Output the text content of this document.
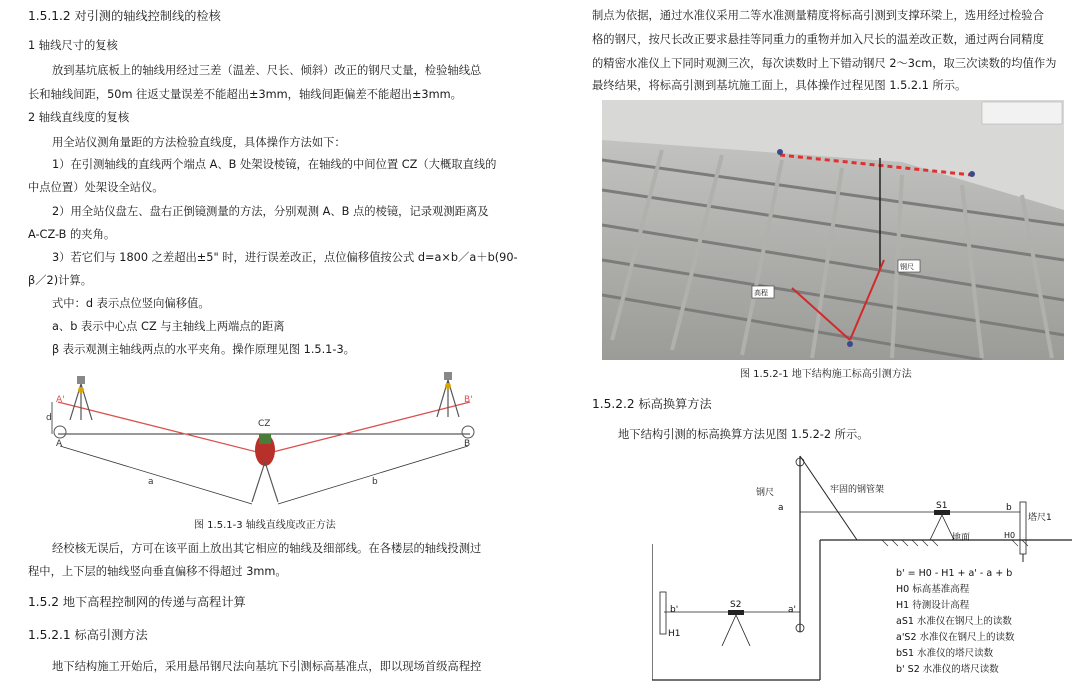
1.5.1.2 对引测的轴线控制线的检核
1 轴线尺寸的复核
放到基坑底板上的轴线用经过三差（温差、尺长、倾斜）改正的钢尺丈量，检验轴线总
长和轴线间距，50m 往返丈量误差不能超出±3mm，轴线间距偏差不能超出±3mm。
2 轴线直线度的复核
用全站仪测角量距的方法检验直线度，具体操作方法如下：
1）在引测轴线的直线两个端点 A、B 处架设棱镜，在轴线的中间位置 CZ（大概取直线的
中点位置）处架设全站仪。
2）用全站仪盘左、盘右正倒镜测量的方法，分别观测 A、B 点的棱镜，记录观测距离及
A-CZ-B 的夹角。
3）若它们与 1800 之差超出±5" 时，进行误差改正，点位偏移值按公式 d=a×b／a＋b(90-
β／2)计算。
式中：d 表示点位竖向偏移值。
a、b 表示中心点 CZ 与主轴线上两端点的距离
β 表示观测主轴线两点的水平夹角。操作原理见图 1.5.1-3。
d
A'
A
B'
B
CZ
a	b
图 1.5.1-3 轴线直线度改正方法
经校核无误后，方可在该平面上放出其它相应的轴线及细部线。在各楼层的轴线投测过
程中，上下层的轴线竖向垂直偏移不得超过 3mm。
1.5.2 地下高程控制网的传递与高程计算
1.5.2.1 标高引测方法
地下结构施工开始后，采用悬吊钢尺法向基坑下引测标高基准点，即以现场首级高程控
制点为依据，通过水准仪采用二等水准测量精度将标高引测到支撑环梁上，选用经过检验合
格的钢尺，按尺长改正要求悬挂等同重力的重物并加入尺长的温差改正数，通过两台同精度
的精密水准仪上下同时观测三次，每次读数时上下错动钢尺 2～3cm，取三次读数的均值作为
最终结果，将标高引测到基坑施工面上，具体操作过程见图 1.5.2.1 所示。
钢尺
高程
图 1.5.2-1 地下结构施工标高引测方法
1.5.2.2 标高换算方法
地下结构引测的标高换算方法见图 1.5.2-2 所示。
钢尺	牢固的钢管架
塔尺1
地面
a
a'
b
b'
S1
S2
H0
H1
b' = H0 - H1 + a' - a + b
H0 标高基准高程
H1 待测设计高程
aS1 水准仪在钢尺上的读数
a'S2 水准仪在钢尺上的读数
bS1 水准仪的塔尺读数
b' S2 水准仪的塔尺读数
